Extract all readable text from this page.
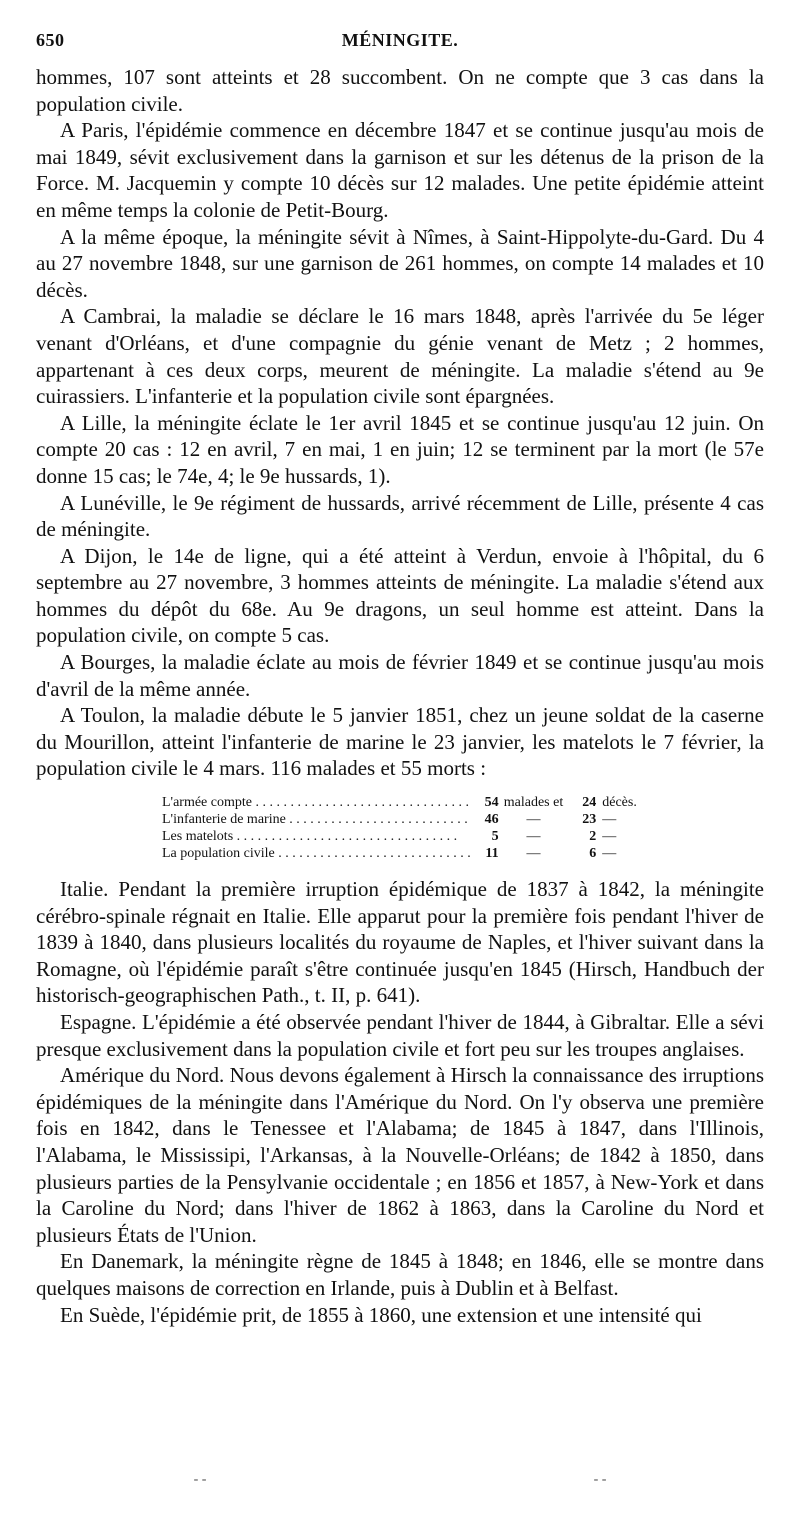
650	MÉNINGITE.

hommes, 107 sont atteints et 28 succombent. On ne compte que 3 cas dans la population civile.

A Paris, l'épidémie commence en décembre 1847 et se continue jusqu'au mois de mai 1849, sévit exclusivement dans la garnison et sur les détenus de la prison de la Force. M. Jacquemin y compte 10 décès sur 12 malades. Une petite épidémie atteint en même temps la colonie de Petit-Bourg.

A la même époque, la méningite sévit à Nîmes, à Saint-Hippolyte-du-Gard. Du 4 au 27 novembre 1848, sur une garnison de 261 hommes, on compte 14 malades et 10 décès.

A Cambrai, la maladie se déclare le 16 mars 1848, après l'arrivée du 5e léger venant d'Orléans, et d'une compagnie du génie venant de Metz ; 2 hommes, appartenant à ces deux corps, meurent de méningite. La maladie s'étend au 9e cuirassiers. L'infanterie et la population civile sont épargnées.

A Lille, la méningite éclate le 1er avril 1845 et se continue jusqu'au 12 juin. On compte 20 cas : 12 en avril, 7 en mai, 1 en juin; 12 se terminent par la mort (le 57e donne 15 cas; le 74e, 4; le 9e hussards, 1).

A Lunéville, le 9e régiment de hussards, arrivé récemment de Lille, présente 4 cas de méningite.

A Dijon, le 14e de ligne, qui a été atteint à Verdun, envoie à l'hôpital, du 6 septembre au 27 novembre, 3 hommes atteints de méningite. La maladie s'étend aux hommes du dépôt du 68e. Au 9e dragons, un seul homme est atteint. Dans la population civile, on compte 5 cas.

A Bourges, la maladie éclate au mois de février 1849 et se continue jusqu'au mois d'avril de la même année.

A Toulon, la maladie débute le 5 janvier 1851, chez un jeune soldat de la caserne du Mourillon, atteint l'infanterie de marine le 23 janvier, les matelots le 7 février, la population civile le 4 mars. 116 malades et 55 morts :

L'armée compte . . .	54 malades et	24 décès.
L'infanterie de marine . . .	46	—	23 —
Les matelots . . .	5	—	2 —
La population civile . . .	11	—	6 —

Italie. Pendant la première irruption épidémique de 1837 à 1842, la méningite cérébro-spinale régnait en Italie. Elle apparut pour la première fois pendant l'hiver de 1839 à 1840, dans plusieurs localités du royaume de Naples, et l'hiver suivant dans la Romagne, où l'épidémie paraît s'être continuée jusqu'en 1845 (Hirsch, Handbuch der historisch-geographischen Path., t. II, p. 641).

Espagne. L'épidémie a été observée pendant l'hiver de 1844, à Gibraltar. Elle a sévi presque exclusivement dans la population civile et fort peu sur les troupes anglaises.

Amérique du Nord. Nous devons également à Hirsch la connaissance des irruptions épidémiques de la méningite dans l'Amérique du Nord. On l'y observa une première fois en 1842, dans le Tenessee et l'Alabama; de 1845 à 1847, dans l'Illinois, l'Alabama, le Mississipi, l'Arkansas, à la Nouvelle-Orléans; de 1842 à 1850, dans plusieurs parties de la Pensylvanie occidentale ; en 1856 et 1857, à New-York et dans la Caroline du Nord; dans l'hiver de 1862 à 1863, dans la Caroline du Nord et plusieurs États de l'Union.

En Danemark, la méningite règne de 1845 à 1848; en 1846, elle se montre dans quelques maisons de correction en Irlande, puis à Dublin et à Belfast.

En Suède, l'épidémie prit, de 1855 à 1860, une extension et une intensité qui

- -	- -
